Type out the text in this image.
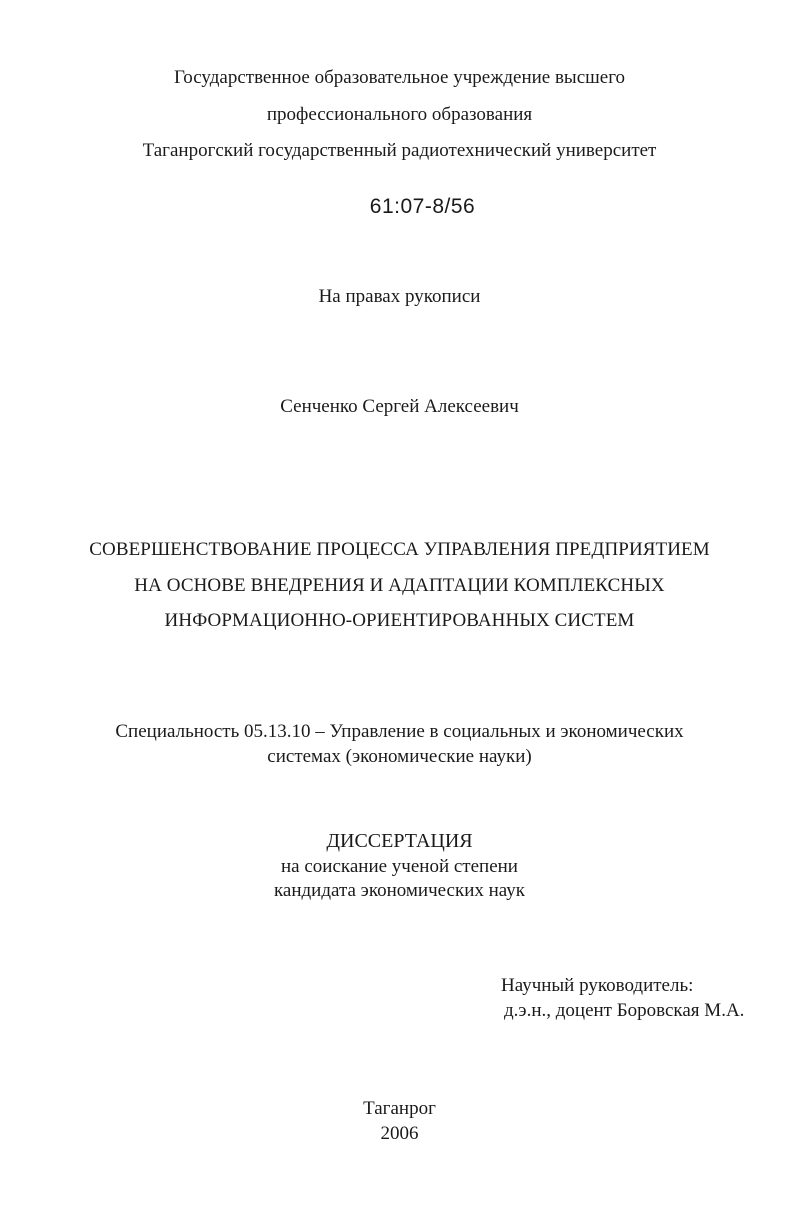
Государственное образовательное учреждение высшего
профессионального образования
Таганрогский государственный радиотехнический университет
61:07-8/56
На правах рукописи
Сенченко Сергей Алексеевич
СОВЕРШЕНСТВОВАНИЕ ПРОЦЕССА УПРАВЛЕНИЯ ПРЕДПРИЯТИЕМ
НА ОСНОВЕ ВНЕДРЕНИЯ И АДАПТАЦИИ КОМПЛЕКСНЫХ
ИНФОРМАЦИОННО-ОРИЕНТИРОВАННЫХ СИСТЕМ
Специальность 05.13.10 – Управление в социальных и экономических
системах (экономические науки)
ДИССЕРТАЦИЯ
на соискание ученой степени
кандидата экономических наук
Научный руководитель:
д.э.н., доцент Боровская М.А.
Таганрог
2006
